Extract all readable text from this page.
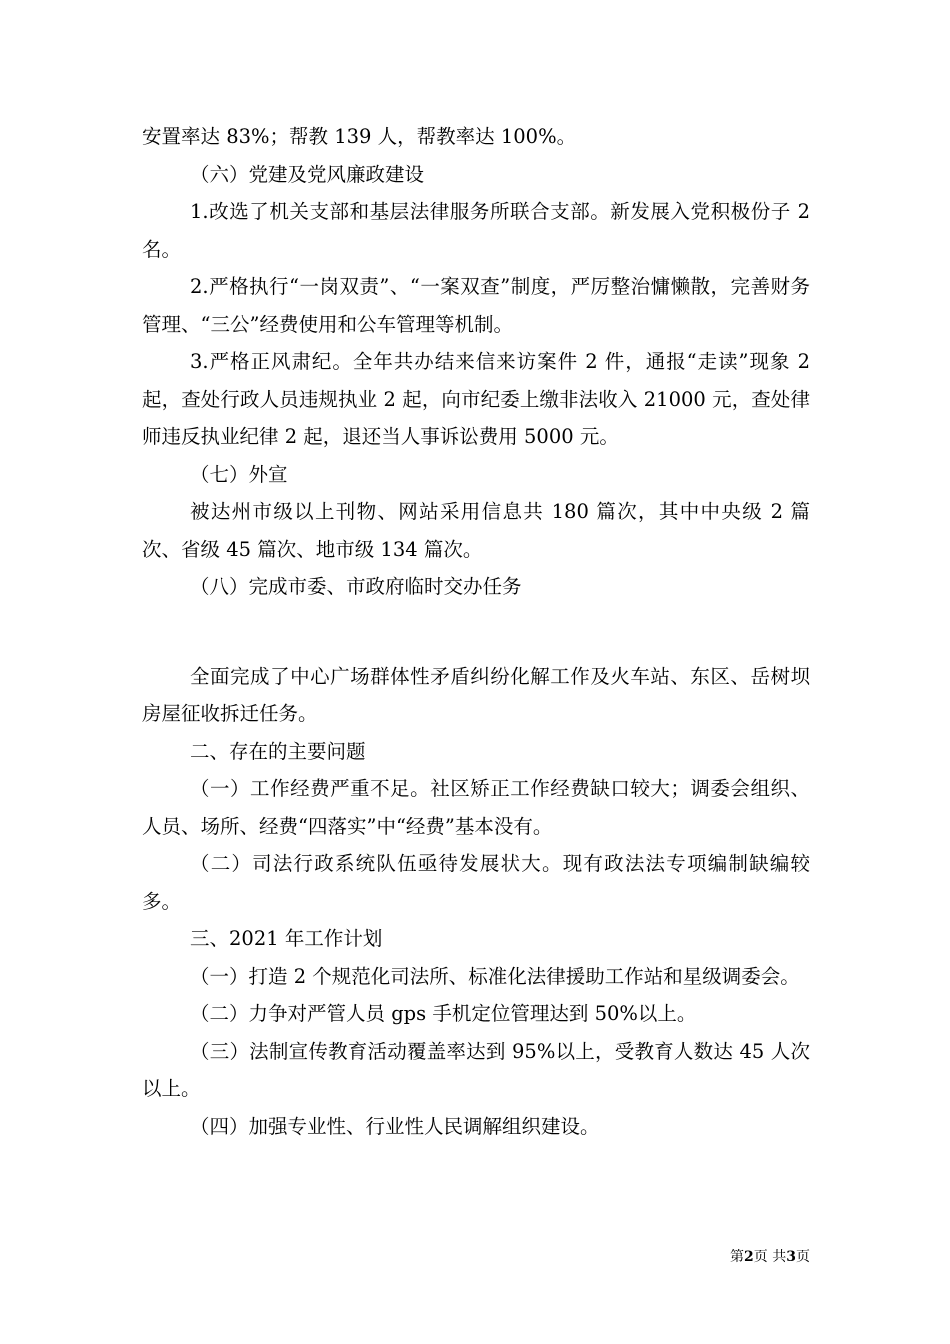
安置率达 83%；帮教 139 人，帮教率达 100%。

（六）党建及党风廉政建设

1.改选了机关支部和基层法律服务所联合支部。新发展入党积极份子 2 名。

2.严格执行“一岗双责”、“一案双查”制度，严厉整治慵懒散，完善财务管理、“三公”经费使用和公车管理等机制。

3.严格正风肃纪。全年共办结来信来访案件 2 件，通报“走读”现象 2 起，查处行政人员违规执业 2 起，向市纪委上缴非法收入 21000 元，查处律师违反执业纪律 2 起，退还当人事诉讼费用 5000 元。

（七）外宣

被达州市级以上刊物、网站采用信息共 180 篇次，其中中央级 2 篇次、省级 45 篇次、地市级 134 篇次。

（八）完成市委、市政府临时交办任务

全面完成了中心广场群体性矛盾纠纷化解工作及火车站、东区、岳树坝房屋征收拆迁任务。

二、存在的主要问题

（一）工作经费严重不足。社区矫正工作经费缺口较大；调委会组织、人员、场所、经费“四落实”中“经费”基本没有。

（二）司法行政系统队伍亟待发展状大。现有政法法专项编制缺编较多。

三、2021 年工作计划

（一）打造 2 个规范化司法所、标准化法律援助工作站和星级调委会。

（二）力争对严管人员 gps 手机定位管理达到 50%以上。

（三）法制宣传教育活动覆盖率达到 95%以上，受教育人数达 45 人次以上。

（四）加强专业性、行业性人民调解组织建设。

第2页 共3页
